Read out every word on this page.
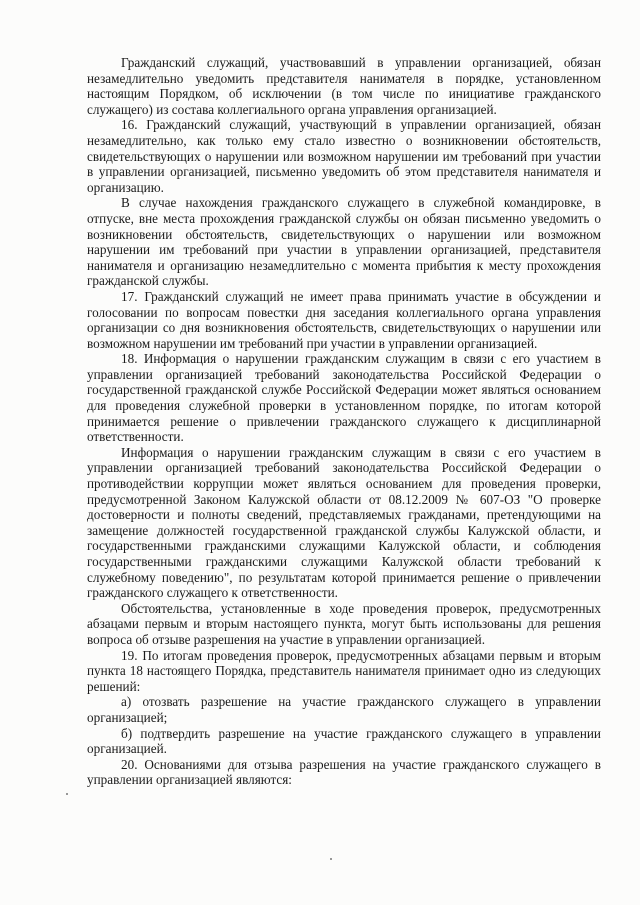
Гражданский служащий, участвовавший в управлении организацией, обязан незамедлительно уведомить представителя нанимателя в порядке, установленном настоящим Порядком, об исключении (в том числе по инициативе гражданского служащего) из состава коллегиального органа управления организацией.

16. Гражданский служащий, участвующий в управлении организацией, обязан незамедлительно, как только ему стало известно о возникновении обстоятельств, свидетельствующих о нарушении или возможном нарушении им требований при участии в управлении организацией, письменно уведомить об этом представителя нанимателя и организацию.

В случае нахождения гражданского служащего в служебной командировке, в отпуске, вне места прохождения гражданской службы он обязан письменно уведомить о возникновении обстоятельств, свидетельствующих о нарушении или возможном нарушении им требований при участии в управлении организацией, представителя нанимателя и организацию незамедлительно с момента прибытия к месту прохождения гражданской службы.

17. Гражданский служащий не имеет права принимать участие в обсуждении и голосовании по вопросам повестки дня заседания коллегиального органа управления организации со дня возникновения обстоятельств, свидетельствующих о нарушении или возможном нарушении им требований при участии в управлении организацией.

18. Информация о нарушении гражданским служащим в связи с его участием в управлении организацией требований законодательства Российской Федерации о государственной гражданской службе Российской Федерации может являться основанием для проведения служебной проверки в установленном порядке, по итогам которой принимается решение о привлечении гражданского служащего к дисциплинарной ответственности.

Информация о нарушении гражданским служащим в связи с его участием в управлении организацией требований законодательства Российской Федерации о противодействии коррупции может являться основанием для проведения проверки, предусмотренной Законом Калужской области от 08.12.2009 № 607-ОЗ "О проверке достоверности и полноты сведений, представляемых гражданами, претендующими на замещение должностей государственной гражданской службы Калужской области, и государственными гражданскими служащими Калужской области, и соблюдения государственными гражданскими служащими Калужской области требований к служебному поведению", по результатам которой принимается решение о привлечении гражданского служащего к ответственности.

Обстоятельства, установленные в ходе проведения проверок, предусмотренных абзацами первым и вторым настоящего пункта, могут быть использованы для решения вопроса об отзыве разрешения на участие в управлении организацией.

19. По итогам проведения проверок, предусмотренных абзацами первым и вторым пункта 18 настоящего Порядка, представитель нанимателя принимает одно из следующих решений:

а) отозвать разрешение на участие гражданского служащего в управлении организацией;

б) подтвердить разрешение на участие гражданского служащего в управлении организацией.

20. Основаниями для отзыва разрешения на участие гражданского служащего в управлении организацией являются:
